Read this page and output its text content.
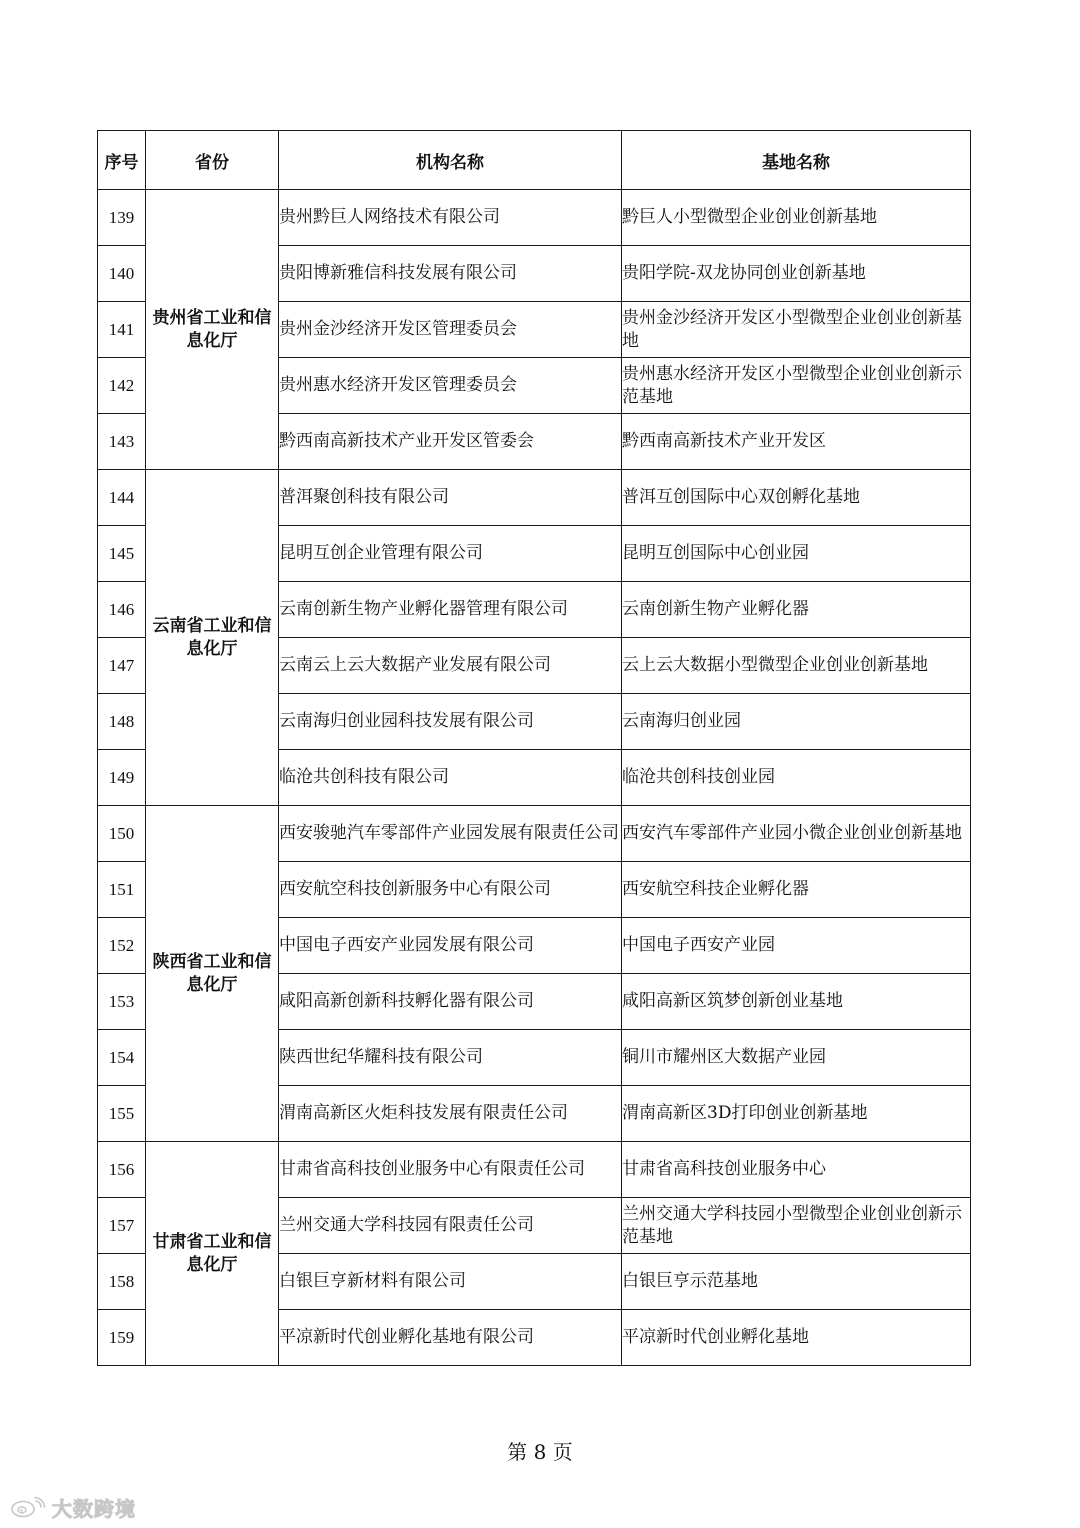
序号	省份	机构名称	基地名称
139	贵州省工业和信息化厅	贵州黔巨人网络技术有限公司	黔巨人小型微型企业创业创新基地
140		贵阳博新雅信科技发展有限公司	贵阳学院-双龙协同创业创新基地
141		贵州金沙经济开发区管理委员会	贵州金沙经济开发区小型微型企业创业创新基地
142		贵州惠水经济开发区管理委员会	贵州惠水经济开发区小型微型企业创业创新示范基地
143		黔西南高新技术产业开发区管委会	黔西南高新技术产业开发区
144	云南省工业和信息化厅	普洱聚创科技有限公司	普洱互创国际中心双创孵化基地
145		昆明互创企业管理有限公司	昆明互创国际中心创业园
146		云南创新生物产业孵化器管理有限公司	云南创新生物产业孵化器
147		云南云上云大数据产业发展有限公司	云上云大数据小型微型企业创业创新基地
148		云南海归创业园科技发展有限公司	云南海归创业园
149		临沧共创科技有限公司	临沧共创科技创业园
150	陕西省工业和信息化厅	西安骏驰汽车零部件产业园发展有限责任公司	西安汽车零部件产业园小微企业创业创新基地
151		西安航空科技创新服务中心有限公司	西安航空科技企业孵化器
152		中国电子西安产业园发展有限公司	中国电子西安产业园
153		咸阳高新创新科技孵化器有限公司	咸阳高新区筑梦创新创业基地
154		陕西世纪华耀科技有限公司	铜川市耀州区大数据产业园
155		渭南高新区火炬科技发展有限责任公司	渭南高新区3D打印创业创新基地
156	甘肃省工业和信息化厅	甘肃省高科技创业服务中心有限责任公司	甘肃省高科技创业服务中心
157		兰州交通大学科技园有限责任公司	兰州交通大学科技园小型微型企业创业创新示范基地
158		白银巨亨新材料有限公司	白银巨亨示范基地
159		平凉新时代创业孵化基地有限公司	平凉新时代创业孵化基地
第 8 页
大数跨境
